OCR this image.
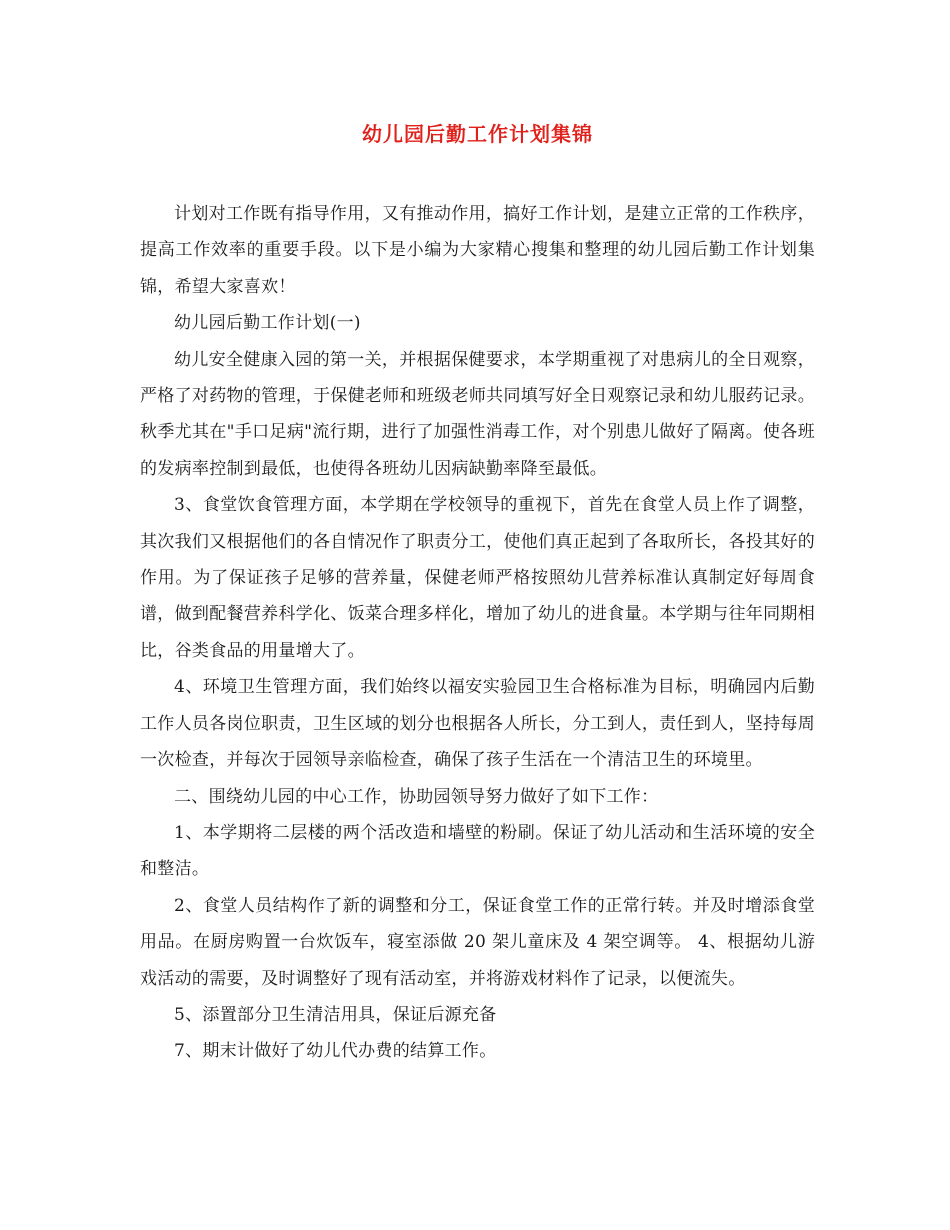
幼儿园后勤工作计划集锦

计划对工作既有指导作用，又有推动作用，搞好工作计划，是建立正常的工作秩序，提高工作效率的重要手段。以下是小编为大家精心搜集和整理的幼儿园后勤工作计划集锦，希望大家喜欢！

幼儿园后勤工作计划(一)

幼儿安全健康入园的第一关，并根据保健要求，本学期重视了对患病儿的全日观察，严格了对药物的管理，于保健老师和班级老师共同填写好全日观察记录和幼儿服药记录。秋季尤其在"手口足病"流行期，进行了加强性消毒工作，对个别患儿做好了隔离。使各班的发病率控制到最低，也使得各班幼儿因病缺勤率降至最低。

3、食堂饮食管理方面，本学期在学校领导的重视下，首先在食堂人员上作了调整，其次我们又根据他们的各自情况作了职责分工，使他们真正起到了各取所长，各投其好的作用。为了保证孩子足够的营养量，保健老师严格按照幼儿营养标准认真制定好每周食谱，做到配餐营养科学化、饭菜合理多样化，增加了幼儿的进食量。本学期与往年同期相比，谷类食品的用量增大了。

4、环境卫生管理方面，我们始终以福安实验园卫生合格标准为目标，明确园内后勤工作人员各岗位职责，卫生区域的划分也根据各人所长，分工到人，责任到人，坚持每周一次检查，并每次于园领导亲临检查，确保了孩子生活在一个清洁卫生的环境里。

二、围绕幼儿园的中心工作，协助园领导努力做好了如下工作：

1、本学期将二层楼的两个活改造和墙壁的粉刷。保证了幼儿活动和生活环境的安全和整洁。

2、食堂人员结构作了新的调整和分工，保证食堂工作的正常行转。并及时增添食堂用品。在厨房购置一台炊饭车，寝室添做 20 架儿童床及 4 架空调等。 4、根据幼儿游戏活动的需要，及时调整好了现有活动室，并将游戏材料作了记录，以便流失。

5、添置部分卫生清洁用具，保证后源充备

7、期末计做好了幼儿代办费的结算工作。
